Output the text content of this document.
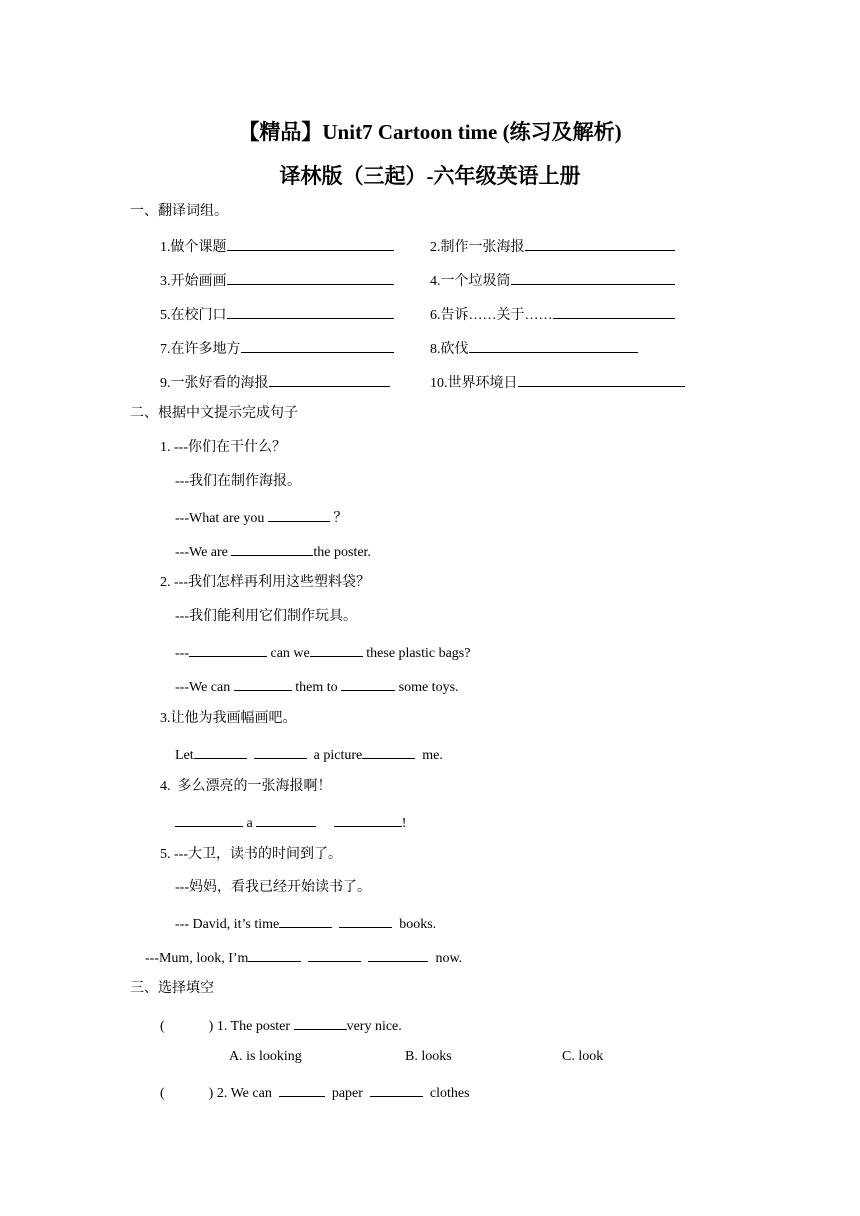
【精品】Unit7 Cartoon time (练习及解析)
译林版（三起）-六年级英语上册
一、翻译词组。
1.做个课题	2.制作一张海报
3.开始画画	4.一个垃圾筒
5.在校门口	6.告诉……关于……
7.在许多地方	8.砍伐
9.一张好看的海报	10.世界环境日
二、根据中文提示完成句子
1. ---你们在干什么？
---我们在制作海报。
---What are you	？
---We are	the poster.
2. ---我们怎样再利用这些塑料袋？
---我们能利用它们制作玩具。
---	can we	these plastic bags?
---We can	them to	some toys.
3.让他为我画幅画吧。
Let	a picture	me.
4.  多么漂亮的一张海报啊！
a	!
5. ---大卫，读书的时间到了。
---妈妈，看我已经开始读书了。
--- David, it’s time	books.
---Mum, look, I’m	now.
三、选择填空
(	) 1. The poster	very nice.
A. is looking	B. looks	C. look
(	) 2. We can	paper	clothes
